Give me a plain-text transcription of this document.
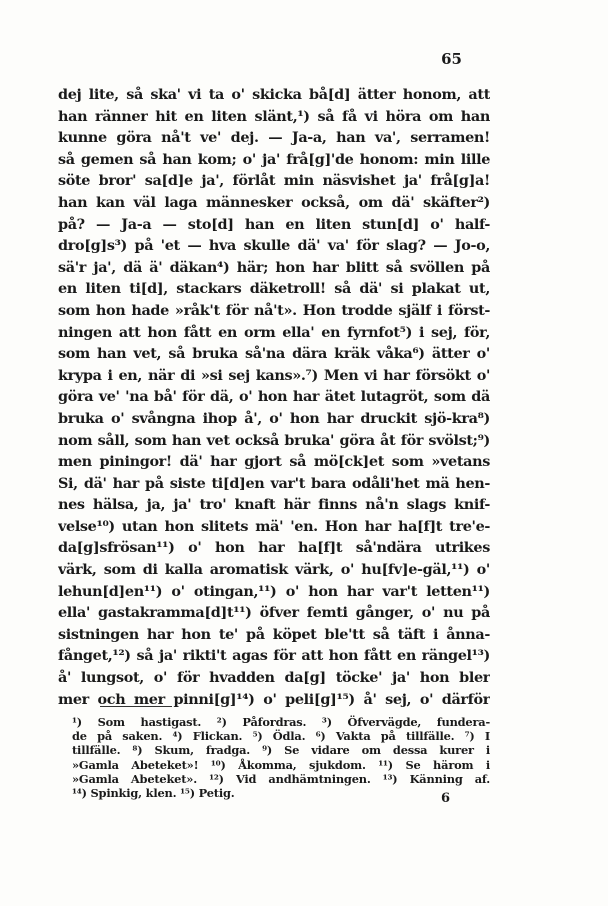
65
dej lite, så ska' vi ta o' skicka bå[d] ätter honom, att
han ränner hit en liten slänt,¹) så få vi höra om han
kunne göra nå't ve' dej. — Ja-a, han va', serramen!
så gemen så han kom; o' ja' frå[g]'de honom: min lille
söte bror' sa[d]e ja', förlåt min näsvishet ja' frå[g]a!
han kan väl laga männesker också, om dä' skäfter²)
på? — Ja-a — sto[d] han en liten stun[d] o' half-
dro[g]s³) på 'et — hva skulle dä' va' för slag? — Jo-o,
sä'r ja', dä ä' däkan⁴) här; hon har blitt så svöllen på
en liten ti[d], stackars däketroll! så dä' si plakat ut,
som hon hade »råk't för nå't». Hon trodde själf i först-
ningen att hon fått en orm ella' en fyrnfot⁵) i sej, för,
som han vet, så bruka så'na dära kräk våka⁶) ätter o'
krypa i en, när di »si sej kans».⁷) Men vi har försökt o'
göra ve' 'na bå' för dä, o' hon har ätet lutagröt, som dä
bruka o' svångna ihop å', o' hon har druckit sjö-kra⁸)
nom såll, som han vet också bruka' göra åt för svölst;⁹)
men piningor! dä' har gjort så mö[ck]et som »vetans
Si, dä' har på siste ti[d]en var't bara odåli'het mä hen-
nes hälsa, ja, ja' tro' knaft här finns nå'n slags knif-
velse¹⁰) utan hon slitets mä' 'en. Hon har ha[f]t tre'e-
da[g]sfrösan¹¹) o' hon har ha[f]t så'ndära utrikes
värk, som di kalla aromatisk värk, o' hu[fv]e-gäl,¹¹) o'
lehun[d]en¹¹) o' otingan,¹¹) o' hon har var't letten¹¹)
ella' gastakramma[d]t¹¹) öfver femti gånger, o' nu på
sistningen har hon te' på köpet ble'tt så täft i ånna-
fånget,¹²) så ja' rikti't agas för att hon fått en rängel¹³)
å' lungsot, o' för hvadden da[g] töcke' ja' hon bler
mer och mer pinni[g]¹⁴) o' peli[g]¹⁵) å' sej, o' därför
¹) Som hastigast. ²) Påfordras. ³) Öfvervägde, fundera-
de på saken. ⁴) Flickan. ⁵) Ödla. ⁶) Vakta på tillfälle. ⁷) I
tillfälle. ⁸) Skum, fradga. ⁹) Se vidare om dessa kurer i
»Gamla Abeteket»! ¹⁰) Åkomma, sjukdom. ¹¹) Se härom i
»Gamla Abeteket». ¹²) Vid andhämtningen. ¹³) Känning af.
¹⁴) Spinkig, klen. ¹⁵) Petig.	6
